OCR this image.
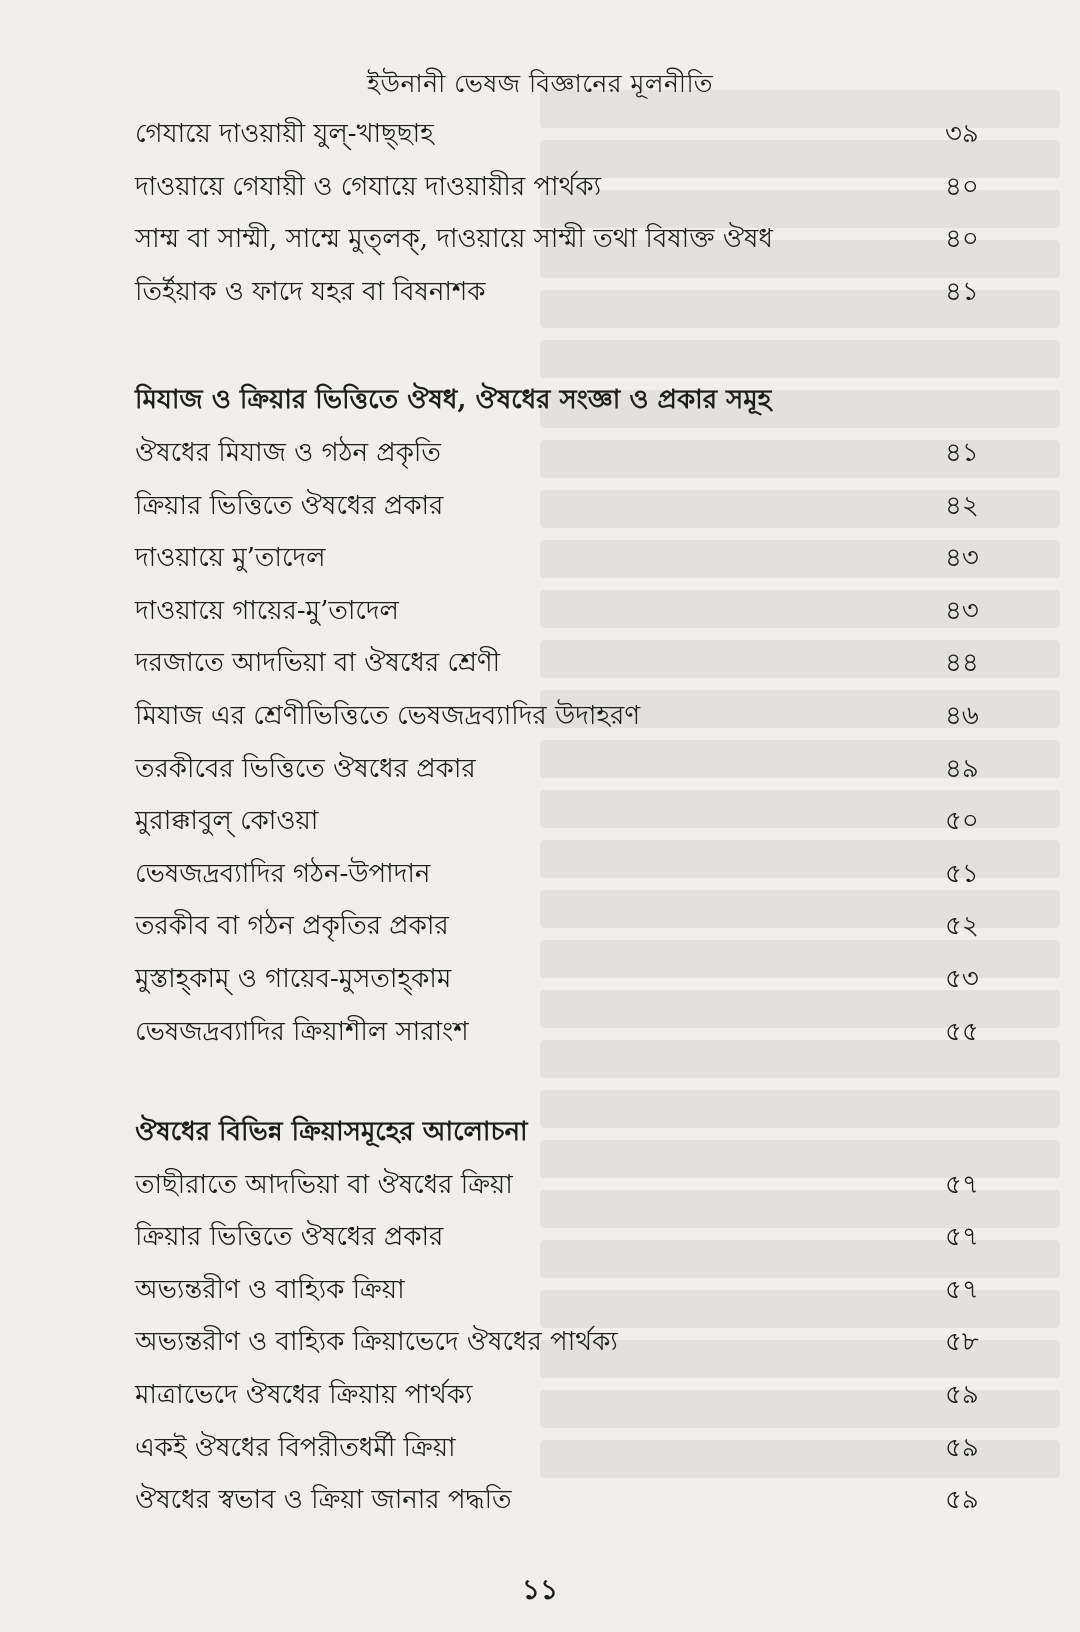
ইউনানী ভেষজ বিজ্ঞানের মূলনীতি
গেযায়ে দাওয়ায়ী যুল্-খাছ্ছাহ	৩৯
দাওয়ায়ে গেযায়ী ও গেযায়ে দাওয়ায়ীর পার্থক্য	৪০
সাম্ম বা সাম্মী, সাম্মে মুত্লক্, দাওয়ায়ে সাম্মী তথা বিষাক্ত ঔষধ	৪০
তির্ইয়াক ও ফাদে যহর বা বিষনাশক	৪১
মিযাজ ও ক্রিয়ার ভিত্তিতে ঔষধ, ঔষধের সংজ্ঞা ও প্রকার সমূহ
ঔষধের মিযাজ ও গঠন প্রকৃতি	৪১
ক্রিয়ার ভিত্তিতে ঔষধের প্রকার	৪২
দাওয়ায়ে মু’তাদেল	৪৩
দাওয়ায়ে গায়ের-মু’তাদেল	৪৩
দরজাতে আদভিয়া বা ঔষধের শ্রেণী	৪৪
মিযাজ এর শ্রেণীভিত্তিতে ভেষজদ্রব্যাদির উদাহরণ	৪৬
তরকীবের ভিত্তিতে ঔষধের প্রকার	৪৯
মুরাক্কাবুল্ কোওয়া	৫০
ভেষজদ্রব্যাদির গঠন-উপাদান	৫১
তরকীব বা গঠন প্রকৃতির প্রকার	৫২
মুস্তাহ্কাম্ ও গায়েব-মুসতাহ্কাম	৫৩
ভেষজদ্রব্যাদির ক্রিয়াশীল সারাংশ	৫৫
ঔষধের বিভিন্ন ক্রিয়াসমূহের আলোচনা
তাছীরাতে আদভিয়া বা ঔষধের ক্রিয়া	৫৭
ক্রিয়ার ভিত্তিতে ঔষধের প্রকার	৫৭
অভ্যন্তরীণ ও বাহ্যিক ক্রিয়া	৫৭
অভ্যন্তরীণ ও বাহ্যিক ক্রিয়াভেদে ঔষধের পার্থক্য	৫৮
মাত্রাভেদে ঔষধের ক্রিয়ায় পার্থক্য	৫৯
একই ঔষধের বিপরীতধর্মী ক্রিয়া	৫৯
ঔষধের স্বভাব ও ক্রিয়া জানার পদ্ধতি	৫৯
১১
